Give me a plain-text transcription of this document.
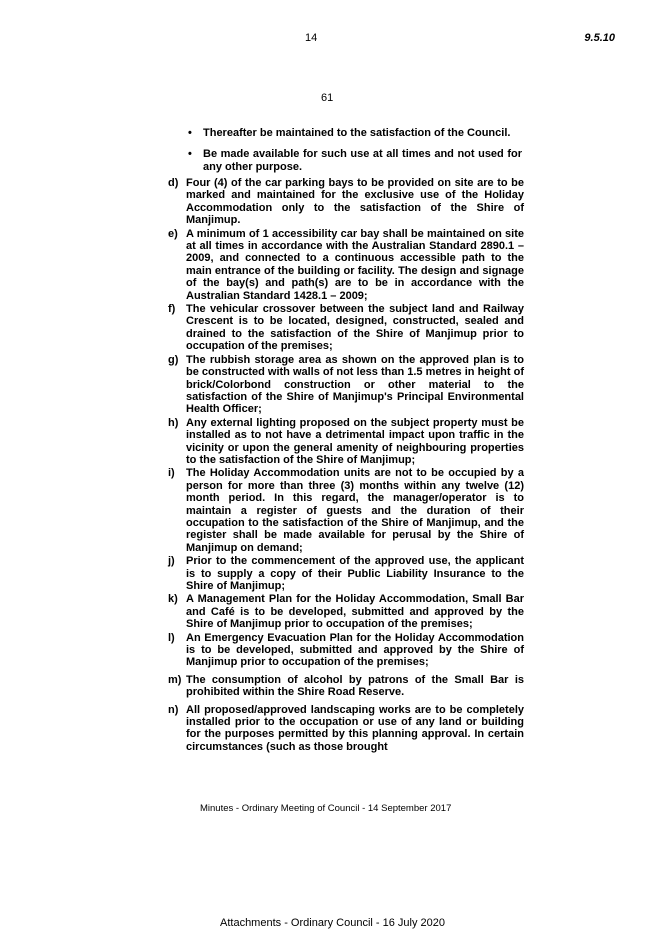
14	9.5.10
61
• Thereafter be maintained to the satisfaction of the Council.
• Be made available for such use at all times and not used for any other purpose.
d) Four (4) of the car parking bays to be provided on site are to be marked and maintained for the exclusive use of the Holiday Accommodation only to the satisfaction of the Shire of Manjimup.
e) A minimum of 1 accessibility car bay shall be maintained on site at all times in accordance with the Australian Standard 2890.1 –2009, and connected to a continuous accessible path to the main entrance of the building or facility. The design and signage of the bay(s) and path(s) are to be in accordance with the Australian Standard 1428.1 – 2009;
f) The vehicular crossover between the subject land and Railway Crescent is to be located, designed, constructed, sealed and drained to the satisfaction of the Shire of Manjimup prior to occupation of the premises;
g) The rubbish storage area as shown on the approved plan is to be constructed with walls of not less than 1.5 metres in height of brick/Colorbond construction or other material to the satisfaction of the Shire of Manjimup's Principal Environmental Health Officer;
h) Any external lighting proposed on the subject property must be installed as to not have a detrimental impact upon traffic in the vicinity or upon the general amenity of neighbouring properties to the satisfaction of the Shire of Manjimup;
i)	The Holiday Accommodation units are not to be occupied by a person for more than three (3) months within any twelve (12) month period. In this regard, the manager/operator is to maintain a register of guests and the duration of their occupation to the satisfaction of the Shire of Manjimup, and the register shall be made available for perusal by the Shire of Manjimup on demand;
j)	Prior to the commencement of the approved use, the applicant is to supply a copy of their Public Liability Insurance to the Shire of Manjimup;
k) A Management Plan for the Holiday Accommodation, Small Bar and Café is to be developed, submitted and approved by the Shire of Manjimup prior to occupation of the premises;
l)	An Emergency Evacuation Plan for the Holiday Accommodation is to be developed, submitted and approved by the Shire of Manjimup prior to occupation of the premises;
m) The consumption of alcohol by patrons of the Small Bar is prohibited within the Shire Road Reserve.
n) All proposed/approved landscaping works are to be completely installed prior to the occupation or use of any land or building for the purposes permitted by this planning approval. In certain circumstances (such as those brought
Minutes - Ordinary Meeting of Council - 14 September 2017
Attachments - Ordinary Council - 16 July 2020
